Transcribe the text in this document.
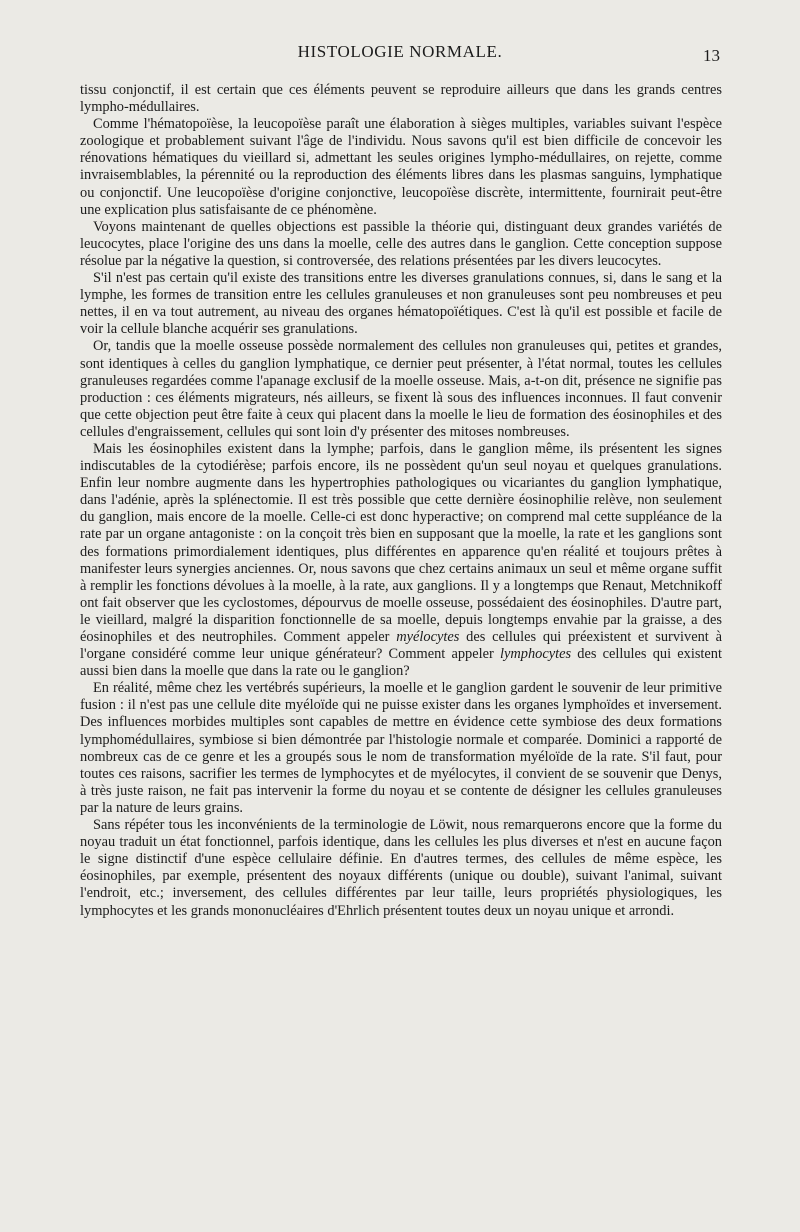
HISTOLOGIE NORMALE.	13

tissu conjonctif, il est certain que ces éléments peuvent se reproduire ailleurs que dans les grands centres lympho-médullaires.

Comme l'hématopoïèse, la leucopoïèse paraît une élaboration à sièges multiples, variables suivant l'espèce zoologique et probablement suivant l'âge de l'individu. Nous savons qu'il est bien difficile de concevoir les rénovations hématiques du vieillard si, admettant les seules origines lympho-médullaires, on rejette, comme invraisemblables, la pérennité ou la reproduction des éléments libres dans les plasmas sanguins, lymphatique ou conjonctif. Une leucopoïèse d'origine conjonctive, leucopoïèse discrète, intermittente, fournirait peut-être une explication plus satisfaisante de ce phénomène.

Voyons maintenant de quelles objections est passible la théorie qui, distinguant deux grandes variétés de leucocytes, place l'origine des uns dans la moelle, celle des autres dans le ganglion. Cette conception suppose résolue par la négative la question, si controversée, des relations présentées par les divers leucocytes.

S'il n'est pas certain qu'il existe des transitions entre les diverses granulations connues, si, dans le sang et la lymphe, les formes de transition entre les cellules granuleuses et non granuleuses sont peu nombreuses et peu nettes, il en va tout autrement, au niveau des organes hématopoïétiques. C'est là qu'il est possible et facile de voir la cellule blanche acquérir ses granulations.

Or, tandis que la moelle osseuse possède normalement des cellules non granuleuses qui, petites et grandes, sont identiques à celles du ganglion lymphatique, ce dernier peut présenter, à l'état normal, toutes les cellules granuleuses regardées comme l'apanage exclusif de la moelle osseuse. Mais, a-t-on dit, présence ne signifie pas production : ces éléments migrateurs, nés ailleurs, se fixent là sous des influences inconnues. Il faut convenir que cette objection peut être faite à ceux qui placent dans la moelle le lieu de formation des éosinophiles et des cellules d'engraissement, cellules qui sont loin d'y présenter des mitoses nombreuses.

Mais les éosinophiles existent dans la lymphe; parfois, dans le ganglion même, ils présentent les signes indiscutables de la cytodiérèse; parfois encore, ils ne possèdent qu'un seul noyau et quelques granulations. Enfin leur nombre augmente dans les hypertrophies pathologiques ou vicariantes du ganglion lymphatique, dans l'adénie, après la splénectomie. Il est très possible que cette dernière éosinophilie relève, non seulement du ganglion, mais encore de la moelle. Celle-ci est donc hyperactive; on comprend mal cette suppléance de la rate par un organe antagoniste : on la conçoit très bien en supposant que la moelle, la rate et les ganglions sont des formations primordialement identiques, plus différentes en apparence qu'en réalité et toujours prêtes à manifester leurs synergies anciennes. Or, nous savons que chez certains animaux un seul et même organe suffit à remplir les fonctions dévolues à la moelle, à la rate, aux ganglions. Il y a longtemps que Renaut, Metchnikoff ont fait observer que les cyclostomes, dépourvus de moelle osseuse, possédaient des éosinophiles. D'autre part, le vieillard, malgré la disparition fonctionnelle de sa moelle, depuis longtemps envahie par la graisse, a des éosinophiles et des neutrophiles. Comment appeler myélocytes des cellules qui préexistent et survivent à l'organe considéré comme leur unique générateur? Comment appeler lymphocytes des cellules qui existent aussi bien dans la moelle que dans la rate ou le ganglion?

En réalité, même chez les vertébrés supérieurs, la moelle et le ganglion gardent le souvenir de leur primitive fusion : il n'est pas une cellule dite myéloïde qui ne puisse exister dans les organes lymphoïdes et inversement. Des influences morbides multiples sont capables de mettre en évidence cette symbiose des deux formations lymphomédullaires, symbiose si bien démontrée par l'histologie normale et comparée. Dominici a rapporté de nombreux cas de ce genre et les a groupés sous le nom de transformation myéloïde de la rate. S'il faut, pour toutes ces raisons, sacrifier les termes de lymphocytes et de myélocytes, il convient de se souvenir que Denys, à très juste raison, ne fait pas intervenir la forme du noyau et se contente de désigner les cellules granuleuses par la nature de leurs grains.

Sans répéter tous les inconvénients de la terminologie de Löwit, nous remarquerons encore que la forme du noyau traduit un état fonctionnel, parfois identique, dans les cellules les plus diverses et n'est en aucune façon le signe distinctif d'une espèce cellulaire définie. En d'autres termes, des cellules de même espèce, les éosinophiles, par exemple, présentent des noyaux différents (unique ou double), suivant l'animal, suivant l'endroit, etc.; inversement, des cellules différentes par leur taille, leurs propriétés physiologiques, les lymphocytes et les grands mononucléaires d'Ehrlich présentent toutes deux un noyau unique et arrondi.
